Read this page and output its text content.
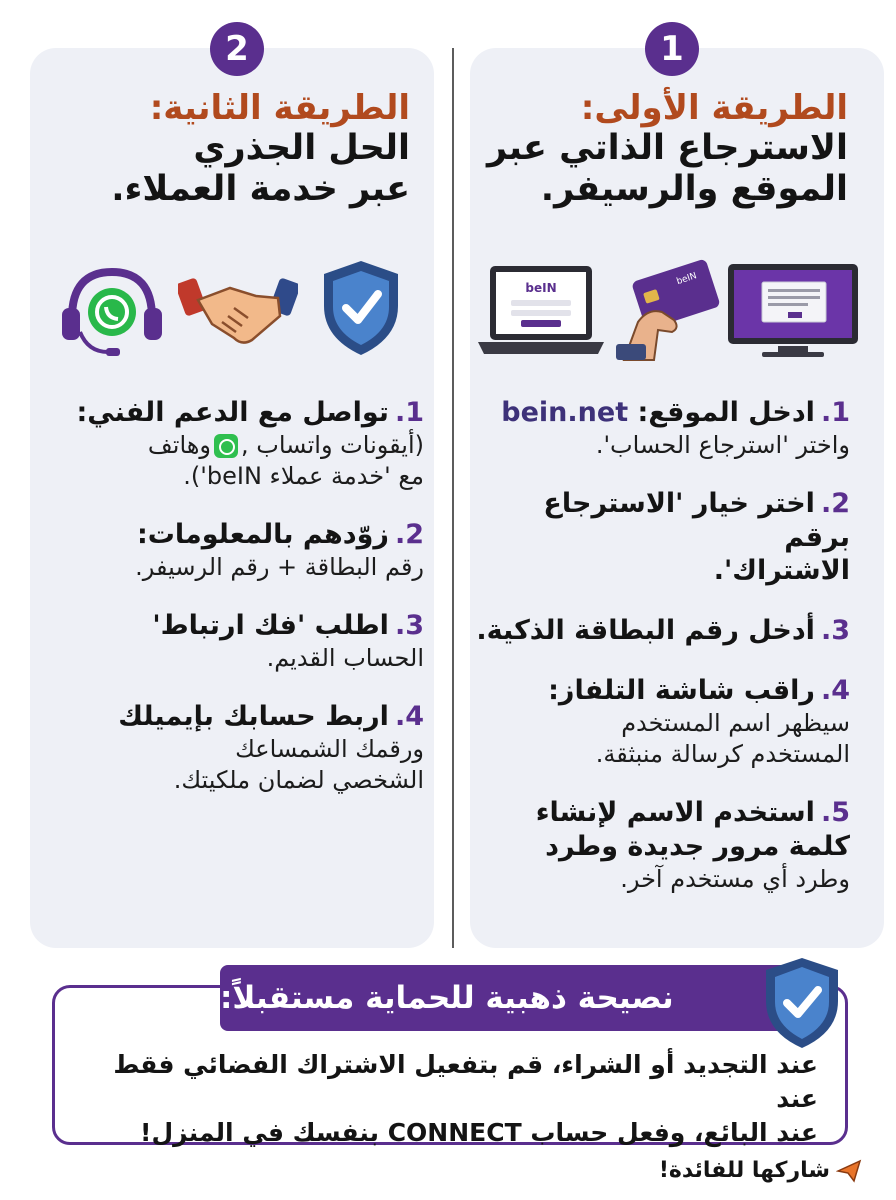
1
2
الطريقة الأولى:
الاسترجاع الذاتي عبر
الموقع والرسيفر.
الطريقة الثانية:
الحل الجذري
عبر خدمة العملاء.
beIN
beIN
1.ادخل الموقع: bein.net
واختر 'استرجاع الحساب'.
2.اختر خيار 'الاسترجاع برقم
الاشتراك'.
3.أدخل رقم البطاقة الذكية.
4.راقب شاشة التلفاز:
سيظهر اسم المستخدم
المستخدم كرسالة منبثقة.
5.استخدم الاسم لإنشاء
كلمة مرور جديدة وطرد
وطرد أي مستخدم آخر.
1.تواصل مع الدعم الفني:
(أيقونات واتساب ,وهاتف
مع 'خدمة عملاء beIN').
2.زوّدهم بالمعلومات:
رقم البطاقة + رقم الرسيفر.
3.اطلب 'فك ارتباط'
الحساب القديم.
4.اربط حسابك بإيميلك
ورقمك الشمساعك
الشخصي لضمان ملكيتك.
نصيحة ذهبية للحماية مستقبلاً:
عند التجديد أو الشراء، قم بتفعيل الاشتراك الفضائي فقط عند
عند البائع، وفعل حساب CONNECT بنفسك في المنزل!
شاركها للفائدة!
